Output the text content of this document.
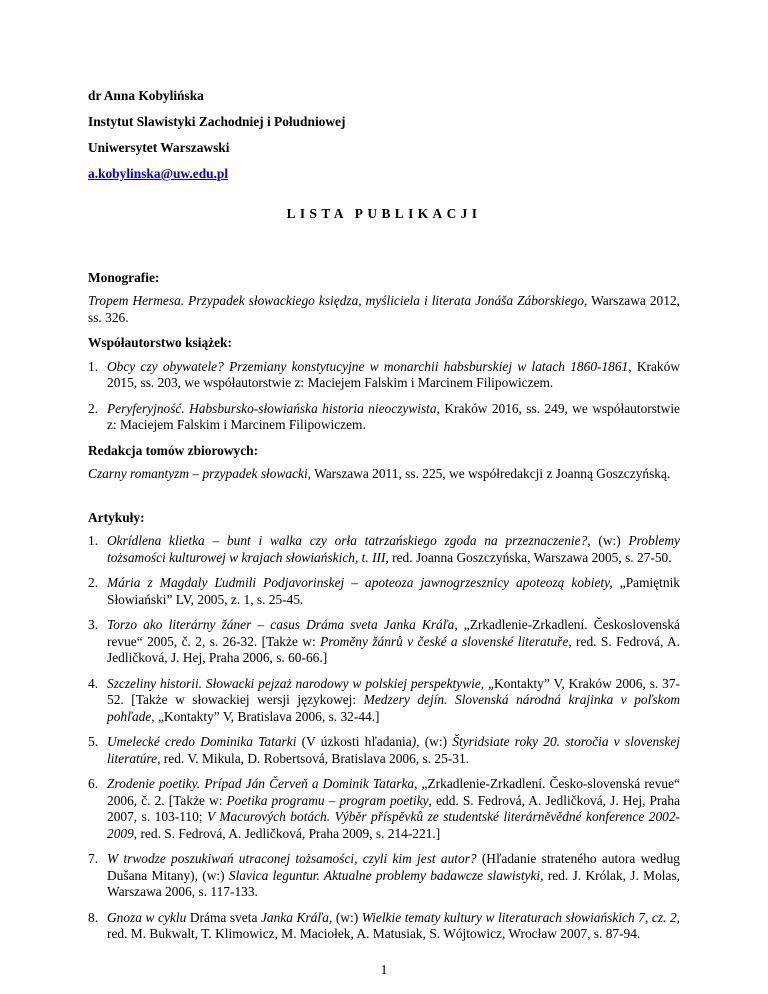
dr Anna Kobylińska

Instytut Slawistyki Zachodniej i Południowej

Uniwersytet Warszawski

a.kobylinska@uw.edu.pl

LISTA PUBLIKACJI

Monografie:

Tropem Hermesa. Przypadek słowackiego księdza, myśliciela i literata Jonáša Záborskiego, Warszawa 2012, ss. 326.

Współautorstwo książek:

1. Obcy czy obywatele? Przemiany konstytucyjne w monarchii habsburskiej w latach 1860-1861, Kraków 2015, ss. 203, we współautorstwie z: Maciejem Falskim i Marcinem Filipowiczem.
2. Peryferyjność. Habsbursko-słowiańska historia nieoczywista, Kraków 2016, ss. 249, we współautorstwie z: Maciejem Falskim i Marcinem Filipowiczem.

Redakcja tomów zbiorowych:

Czarny romantyzm – przypadek słowacki, Warszawa 2011, ss. 225, we współredakcji z Joanną Goszczyńską.

Artykuły:

1. Okrídlena klietka – bunt i walka czy orła tatrzańskiego zgoda na przeznaczenie?, (w:) Problemy tożsamości kulturowej w krajach słowiańskich, t. III, red. Joanna Goszczyńska, Warszawa 2005, s. 27-50.
2. Mária z Magdaly Ľudmili Podjavorinskej – apoteoza jawnogrzesznicy apoteozą kobiety, „Pamiętnik Słowiański” LV, 2005, z. 1, s. 25-45.
3. Torzo ako literárny žáner – casus Dráma sveta Janka Kráľa, „Zrkadlenie-Zrkadlení. Československá revue“ 2005, č. 2, s. 26-32. [Także w: Proměny žánrů v české a slovenské literatuře, red. S. Fedrová, A. Jedličková, J. Hej, Praha 2006, s. 60-66.]
4. Szczeliny historii. Słowacki pejzaż narodowy w polskiej perspektywie, „Kontakty” V, Kraków 2006, s. 37-52. [Także w słowackiej wersji językowej: Medzery dejín. Slovenská národná krajinka v poľskom pohľade, „Kontakty” V, Bratislava 2006, s. 32-44.]
5. Umelecké credo Dominika Tatarki (V úzkosti hľadania), (w:) Štyridsiate roky 20. storočia v slovenskej literatúre, red. V. Mikula, D. Robertsová, Bratislava 2006, s. 25-31.
6. Zrodenie poetiky. Prípad Ján Červeň a Dominik Tatarka, „Zrkadlenie-Zrkadlení. Česko-slovenská revue“ 2006, č. 2. [Także w: Poetika programu – program poetiky, edd. S. Fedrová, A. Jedličková, J. Hej, Praha 2007, s. 103-110; V Macurových botách. Výběr příspěvků ze studentské literárněvědné konference 2002-2009, red. S. Fedrová, A. Jedličková, Praha 2009, s. 214-221.]
7. W trwodze poszukiwań utraconej tożsamości, czyli kim jest autor? (Hľadanie strateného autora według Dušana Mitany), (w:) Slavica leguntur. Aktualne problemy badawcze slawistyki, red. J. Królak, J. Molas, Warszawa 2006, s. 117-133.
8. Gnoza w cyklu Dráma sveta Janka Kráľa, (w:) Wielkie tematy kultury w literaturach słowiańskich 7, cz. 2, red. M. Bukwalt, T. Klimowicz, M. Maciołek, A. Matusiak, S. Wójtowicz, Wrocław 2007, s. 87-94.
1
